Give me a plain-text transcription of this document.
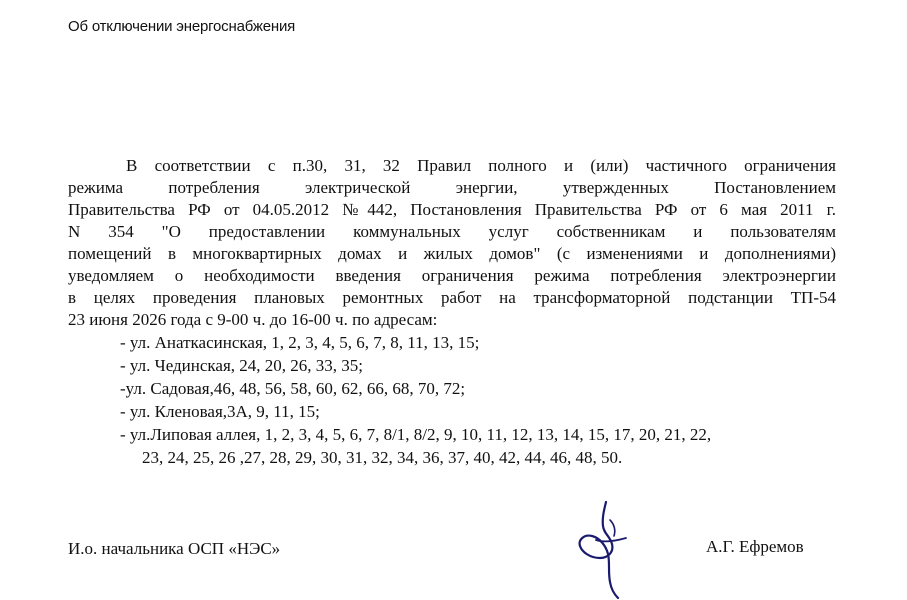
Об отключении энергоснабжения
В соответствии с п.30, 31, 32 Правил полного и (или) частичного ограничения
режима потребления электрической энергии, утвержденных Постановлением
Правительства РФ от 04.05.2012 №442, Постановления Правительства РФ от 6 мая 2011 г.
N 354 "О предоставлении коммунальных услуг собственникам и пользователям
помещений в многоквартирных домах и жилых домов" (с изменениями и дополнениями)
уведомляем о необходимости введения ограничения режима потребления электроэнергии
в целях проведения плановых ремонтных работ на трансформаторной подстанции ТП-54
23 июня 2026 года с 9-00 ч. до 16-00 ч. по адресам:
- ул. Анаткасинская, 1, 2, 3, 4, 5, 6, 7, 8, 11, 13, 15;
- ул. Чединская, 24, 20, 26, 33, 35;
-ул. Садовая,46, 48, 56, 58, 60, 62, 66, 68, 70, 72;
- ул. Кленовая,3А, 9, 11, 15;
- ул.Липовая аллея, 1, 2, 3, 4, 5, 6, 7, 8/1, 8/2, 9, 10, 11, 12, 13, 14, 15, 17, 20, 21, 22,
23, 24, 25, 26 ,27, 28, 29, 30, 31, 32, 34, 36, 37, 40, 42, 44, 46, 48, 50.
И.о. начальника ОСП «НЭС»	А.Г. Ефремов
